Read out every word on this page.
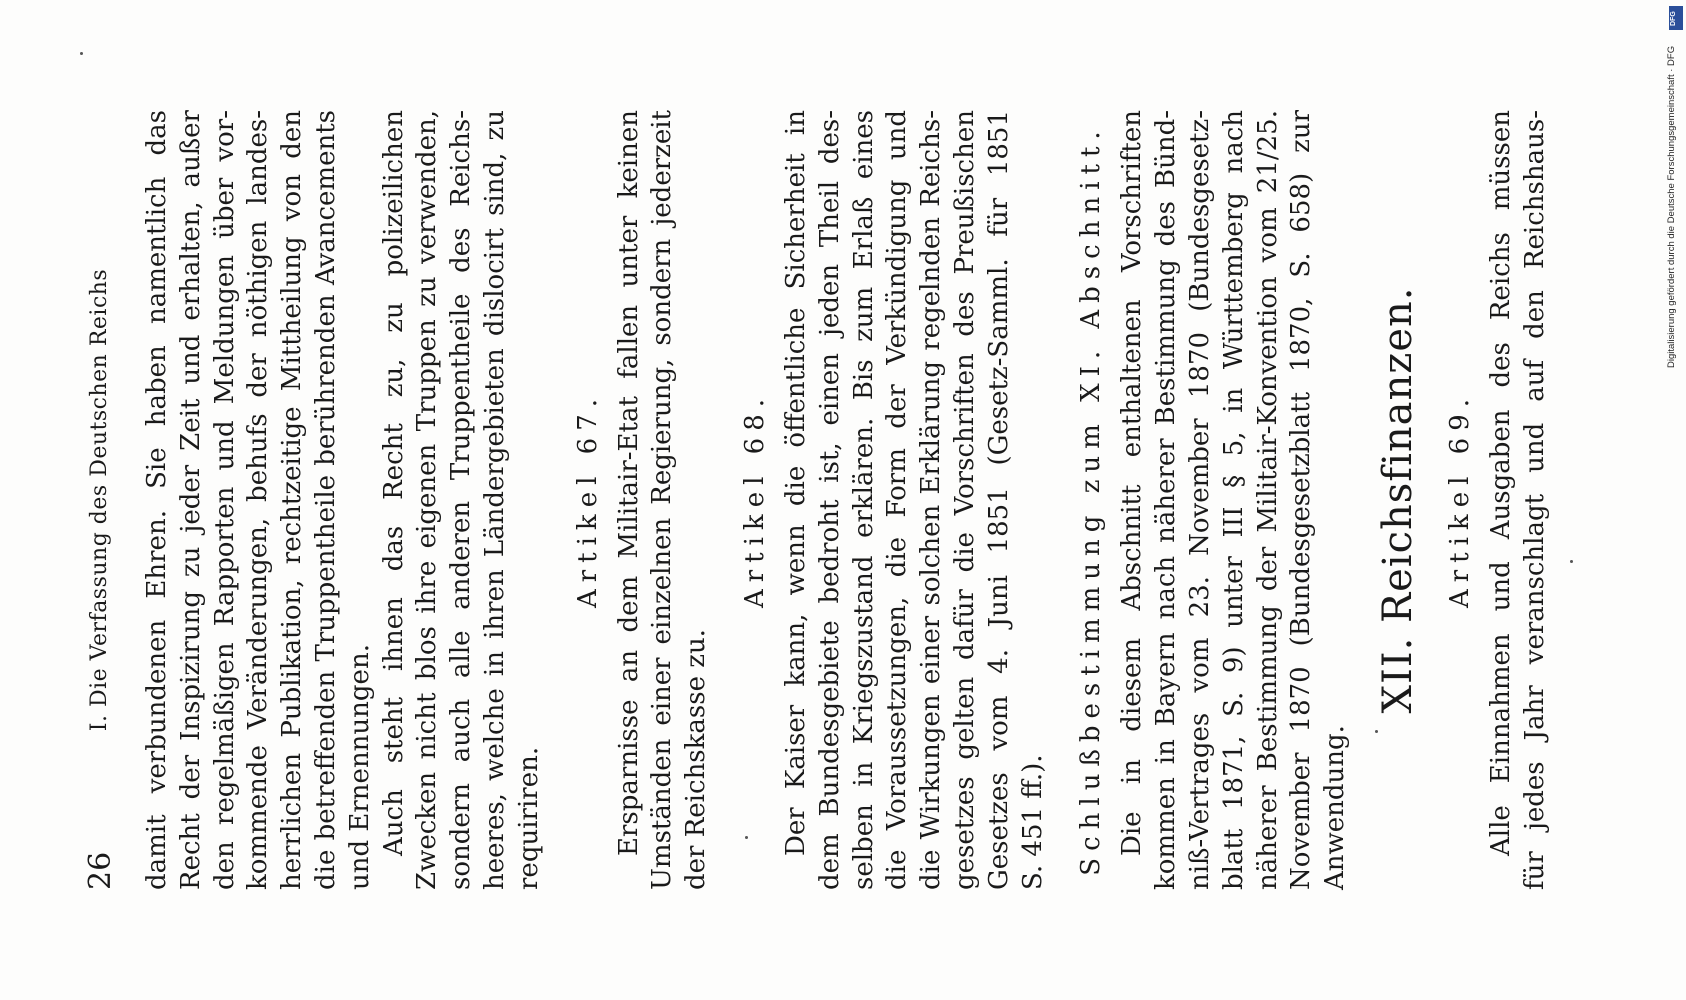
26
I. Die Verfassung des Deutschen Reichs damit verbundenen Ehren. Sie haben namentlich das Recht der Inspizirung zu jeder Zeit und erhalten, außer den regelmäßigen Rapporten und Meldungen über vor- kommende Veränderungen, behufs der nöthigen landes- herrlichen Publikation, rechtzeitige Mittheilung von den die betreffenden Truppentheile berührenden Avancements und Ernennungen. Auch steht ihnen das Recht zu, zu polizeilichen Zwecken nicht blos ihre eigenen Truppen zu verwenden, sondern auch alle anderen Truppentheile des Reichs- heeres, welche in ihren Ländergebieten dislocirt sind, zu requiriren.
Artikel 67. Ersparnisse an dem Militair-Etat fallen unter keinen Umständen einer einzelnen Regierung, sondern jederzeit der Reichskasse zu.
Artikel 68. Der Kaiser kann, wenn die öffentliche Sicherheit in dem Bundesgebiete bedroht ist, einen jeden Theil des- selben in Kriegszustand erklären. Bis zum Erlaß eines die Voraussetzungen, die Form der Verkündigung und die Wirkungen einer solchen Erklärung regelnden Reichs- gesetzes gelten dafür die Vorschriften des Preußischen Gesetzes vom 4. Juni 1851 (Gesetz-Samml. für 1851 S. 451 ff.).	Schlußbestimmung zum XI. Abschnitt. Die in diesem Abschnitt enthaltenen Vorschriften kommen in Bayern nach näherer Bestimmung des Bünd- niß-Vertrages vom 23. November 1870 (Bundesgesetz- blatt 1871, S. 9) unter III § 5, in Württemberg nach näherer Bestimmung der Militair-Konvention vom 21/25. November 1870 (Bundesgesetzblatt 1870, S. 658) zur Anwendung.
XII. Reichsfinanzen. Artikel 69. Alle Einnahmen und Ausgaben des Reichs müssen für jedes Jahr veranschlagt und auf den Reichshaus-	Digitalisierung gefördert durch die Deutsche Forschungsgemeinschaft · DFG
DFG
